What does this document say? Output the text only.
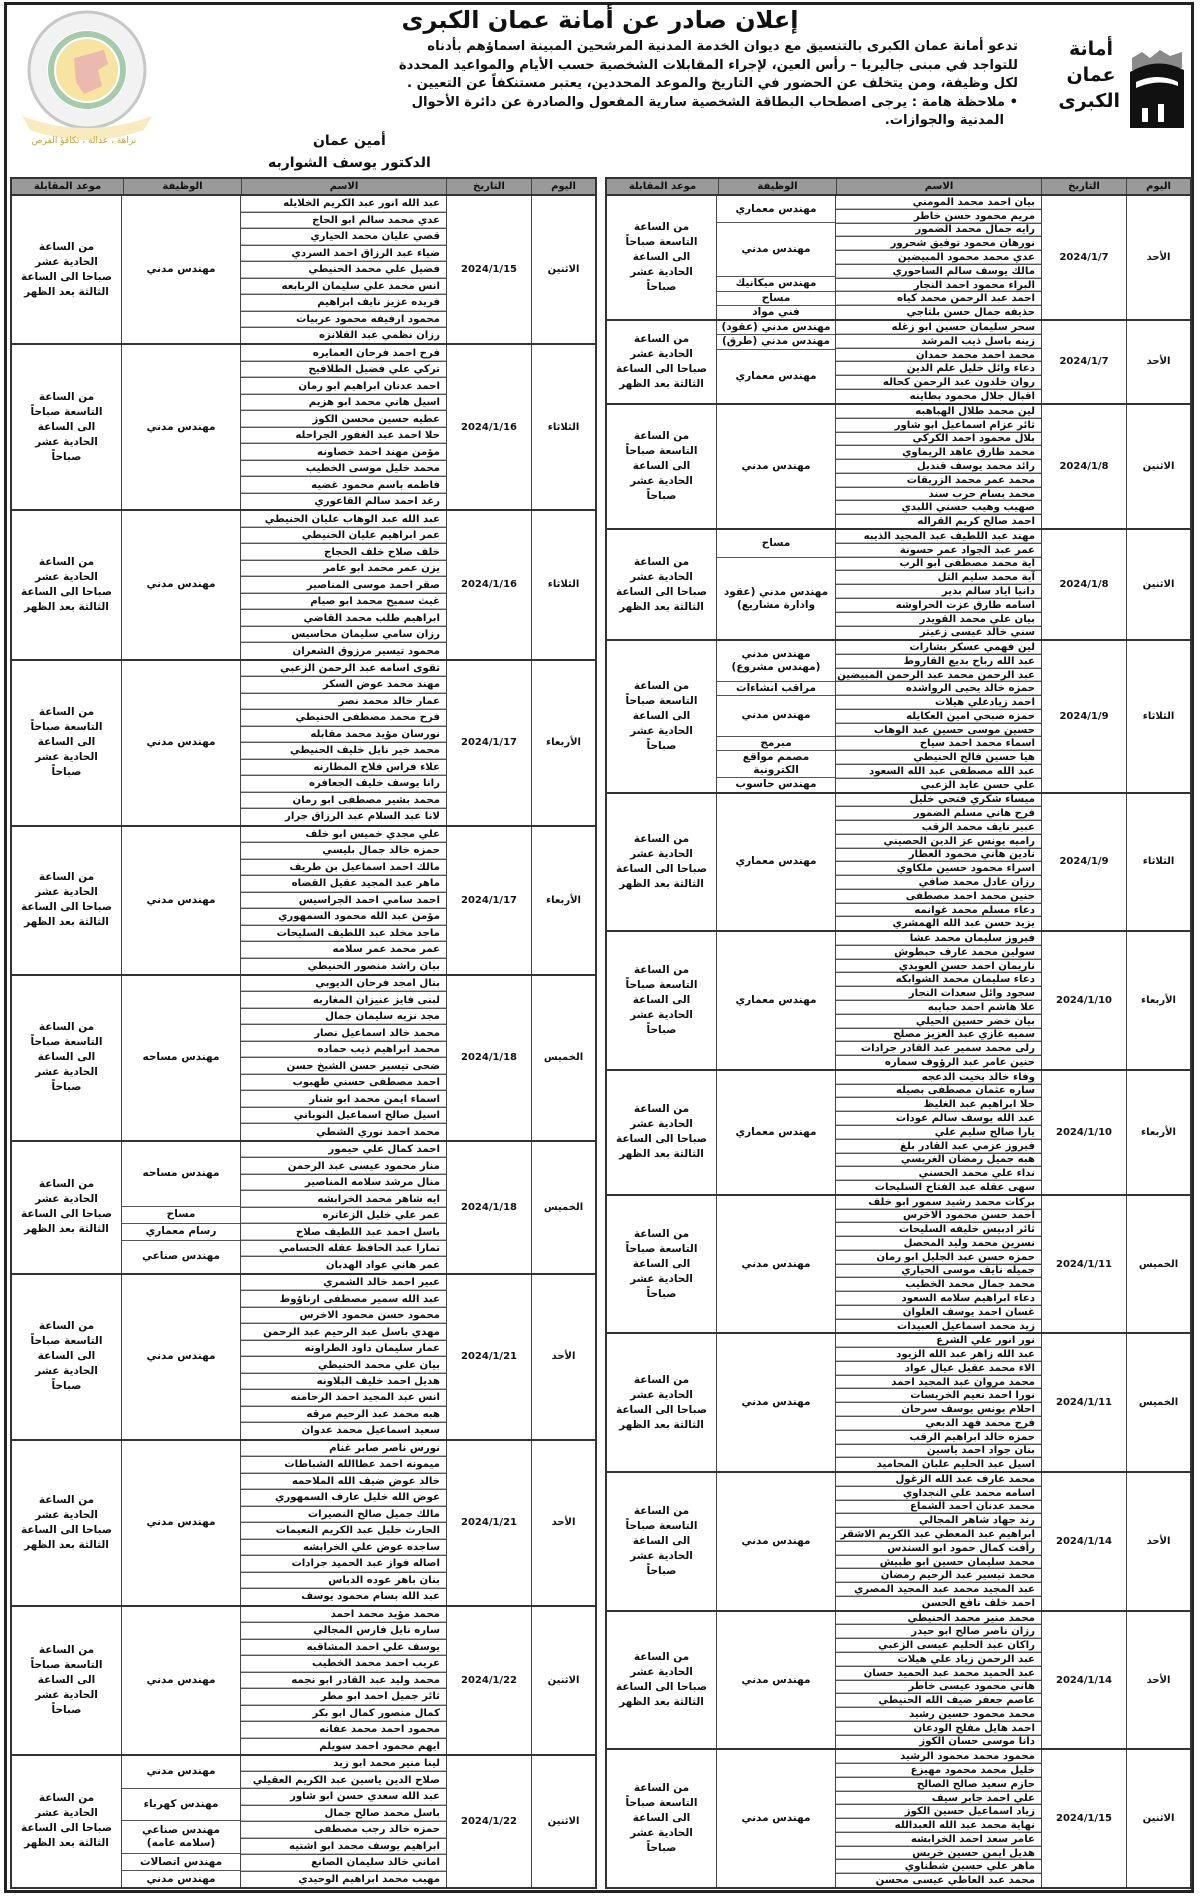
نزاهة ، عدالة ، تكافؤ الفرص
إعلان صادر عن أمانة عمان الكبرى

تدعو أمانة عمان الكبرى بالتنسيق مع ديوان الخدمة المدنية المرشحين المبينة اسماؤهم بأدناه

للتواجد في مبنى جاليريا – رأس العين، لإجراء المقابلات الشخصية حسب الأيام والمواعيد المحددة

لكل وظيفة، ومن يتخلف عن الحضور في التاريخ والموعد المحددين، يعتبر مستنكفاً عن التعيين .

• ملاحظة هامة : يرجى اصطحاب البطاقة الشخصية سارية المفعول والصادرة عن دائرة الأحوال

المدنية والجوازات.

أمين عمان
الدكتور يوسف الشواربه
أمانة عمان الكبرى
اليوم
التاريخ
الاسم
الوظيفة
موعد المقابلة
الأحد
2024/1/7
بيان احمد محمد المومني
مريم محمود حسن خاطر
رايه جمال محمد الضمور
نورهان محمود توفيق شحرور
عدي محمد محمود المبيضين
مالك يوسف سالم الساحوري
البراء محمود احمد النجار
احمد عبد الرحمن محمد كياه
حذيفه جمال حسن بلتاجي
مهندس معماري
مهندس مدني
مهندس ميكانيك
مساح
فني مواد
من الساعة التاسعة صباحاً الى الساعة الحادية عشر صباحاً
الأحد
2024/1/7
سحر سليمان حسين ابو زغله
زينه باسل ذيب المرشد
محمد احمد محمد حمدان
دعاء وائل خليل علم الدين
روان خلدون عبد الرحمن كحاله
اقبال جلال محمود بطاينه
مهندس مدني (عقود)
مهندس مدني (طرق)
مهندس معماري
من الساعة الحادية عشر صباحا الى الساعة الثالثة بعد الظهر
الاثنين
2024/1/8
لين محمد طلال الهباهبه
ثائر عزام اسماعيل ابو شاور
بلال محمود احمد الكركي
محمد طارق عاهد الريماوي
رائد محمد يوسف قنديل
محمد عمر محمد الزريقات
محمد بسام حرب سند
صهيب وهيب حسني اللبدي
احمد صالح كريم القراله
مهندس مدني
من الساعة التاسعة صباحاً الى الساعة الحادية عشر صباحاً
الاثنين
2024/1/8
مهند عبد اللطيف عبد المجيد الذيبه
عمر عبد الجواد عمر حسونة
آية محمد مصطفى ابو الرب
آية محمد سليم التل
دانيا اياد سالم بدير
اسامه طارق عزت الحراوشه
بيان علي محمد القويدر
سني خالد عيسى زعيتر
مساح
مهندس مدني (عقود وادارة مشاريع)
من الساعة الحادية عشر صباحا الى الساعة الثالثة بعد الظهر
الثلاثاء
2024/1/9
لين فهمي عسكر بشارات
عبد الله رباح بديع القاروط
عبد الرحمن محمد عبد الرحمن المبيضين
حمزه خالد يحيى الرواشده
احمد زيادعلي هيلات
حمزه صبحي امين العكايله
حسين موسى حسين عبد الوهاب
اسماء محمد احمد سياح
هيا حسين فالح الحنيطي
عبد الله مصطفى عبد الله السعود
علي حسن عايد الزعبي
مهندس مدني (مهندس مشروع)
مراقب انشاءات
مهندس مدني
مبرمج
مصمم مواقع الكترونية
مهندس حاسوب
من الساعة التاسعة صباحاً الى الساعة الحادية عشر صباحاً
الثلاثاء
2024/1/9
ميساء شكري فتحي خليل
فرح هاني مسلم الضمور
عبير نايف محمد الرقب
راميه يونس عز الدين الحصيني
نادين هاني محمود العطار
اسراء محمود حسين ملكاوي
رزان عادل محمد صافي
حنين محمد احمد مصطفى
دعاء مسلم محمد غوانمه
يزيد حسن عبد الله الهمشري
مهندس معماري
من الساعة الحادية عشر صباحا الى الساعة الثالثة بعد الظهر
الأربعاء
2024/1/10
فيروز سليمان محمد عشا
سولين محمد عارف حبطوش
ناريمان احمد حسن العويدي
دعاء سليمان محمد الشوابكه
سجود وائل سعدات النجار
علا هاشم احمد حبايبه
بيان خضر حسين الحيلي
سميه غازي عبد العزيز مصلح
رلى محمد سمير عبد القادر جرادات
حنين عامر عبد الرؤوف سماره
مهندس معماري
من الساعة التاسعة صباحاً الى الساعة الحادية عشر صباحاً
الأربعاء
2024/1/10
وفاء خالد بخيت الدعجه
ساره عثمان مصطفى بصيله
حلا ابراهيم عبد الغليظ
عبد الله يوسف سالم عودات
يارا صالح سليم علي
فيروز عزمي عبد القادر بلغ
هبه جميل رمضان الغريسي
نداء علي محمد الحسني
سهى عقله عبد الفتاح السليحات
مهندس معماري
من الساعة الحادية عشر صباحا الى الساعة الثالثة بعد الظهر
الخميس
2024/1/11
بركات محمد رشيد سمور ابو خلف
احمد حسن محمود الاخرس
ثائر ادبيس خليفه السليحات
نسرين محمد وليد المحصل
حمزه حسن عبد الجليل ابو رمان
جميله نايف موسى الحياري
محمد جمال محمد الخطيب
دعاء ابراهيم سلامه السعود
غسان احمد يوسف العلوان
زيد محمد اسماعيل العبيدات
مهندس مدني
من الساعة التاسعة صباحاً الى الساعة الحادية عشر صباحاً
الخميس
2024/1/11
نور انور علي الشرع
عبد الله زاهر عبد الله الزيود
الاء محمد عقيل عيال عواد
محمد مروان عبد المجيد احمد
نورا احمد نعيم الخريسات
احلام يونس يوسف سرحان
فرح محمد فهد الدبعي
حمزه خالد ابراهيم الرقب
بنان جواد احمد ياسين
اسيل عبد الحليم علبان المحاميد
مهندس مدني
من الساعة الحادية عشر صباحا الى الساعة الثالثة بعد الظهر
الأحد
2024/1/14
محمد عارف عبد الله الزغول
اسامه محمد علي النجداوي
محمد عدنان احمد الشماع
رند جهاد شاهر المجالي
ابراهيم عبد المعطي عبد الكريم الاشقر
رأفت كمال حمود ابو السندس
محمد سليمان حسين ابو طبيش
محمد تيسير عبد الرحيم رمضان
عبد المجيد محمد عبد المجيد المصري
احمد خلف نافع الحسن
مهندس مدني
من الساعة التاسعة صباحاً الى الساعة الحادية عشر صباحاً
الأحد
2024/1/14
محمد منير محمد الحنيطي
رزان ناصر صالح ابو حيدر
راكان عبد الحليم عيسى الزعبي
عبد الرحمن زياد علي هيلات
عبد الحميد محمد عبد الحميد حسان
هاني محمود عيسى خاطر
عاصم جعفر ضيف الله الحنيطي
محمد محمود حسين رشيد
احمد هايل مفلح الودعان
دانا موسى حسان الكوز
مهندس مدني
من الساعة الحادية عشر صباحا الى الساعة الثالثة بعد الظهر
الاثنين
2024/1/15
محمود محمد محمود الرشيد
خليل محمد محمود مهيزع
حازم سعيد صالح الصالح
علي احمد جابر سيف
زياد اسماعيل حسين الكوز
نهاية محمد عبد الله العبدالله
عامر سعد احمد الخرابشه
هديل ايمن حسين خريس
ماهر علي حسين شطناوي
محمد عبد العاطي عيسى محسن
مهندس مدني
من الساعة التاسعة صباحاً الى الساعة الحادية عشر صباحاً
اليوم
التاريخ
الاسم
الوظيفة
موعد المقابلة
الاثنين
2024/1/15
عبد الله انور عبد الكريم الخلايله
عدي محمد سالم ابو الحاج
قصي عليان محمد الحياري
ضياء عبد الرزاق احمد السردي
فضيل علي محمد الحنيطي
انس محمد علي سليمان الربابعه
فريده عزيز نايف ابراهيم
محمود ارفيفه محمود عربيات
رزان نظمي عبد القلانزه
مهندس مدني
من الساعة الحادية عشر صباحا الى الساعة الثالثة بعد الظهر
الثلاثاء
2024/1/16
فرح احمد فرحان العمايره
تركي علي فضيل الطلافيح
احمد عدنان ابراهيم ابو رمان
اسيل هاني محمد ابو هزيم
عطيه حسين محسن الكوز
حلا احمد عبد الغفور الجراحله
مؤمن مهند احمد خصاونه
محمد خليل موسى الخطيب
فاطمه باسم محمود غضيه
رغد احمد سالم القاعوري
مهندس مدني
من الساعة التاسعة صباحاً الى الساعة الحادية عشر صباحاً
الثلاثاء
2024/1/16
عبد الله عبد الوهاب عليان الحنيطي
عمر ابراهيم عليان الحنيطي
خلف صلاح خلف الحجاج
يزن عمر محمد ابو عامر
صقر احمد موسى المناصير
غيث سميح محمد ابو صيام
ابراهيم طلب محمد القاضي
رزان سامي سليمان محاسيس
محمود تيسير مرزوق الشعران
مهندس مدني
من الساعة الحادية عشر صباحا الى الساعة الثالثة بعد الظهر
الأربعاء
2024/1/17
تقوى اسامه عبد الرحمن الزعبي
مهند محمد عوض السكر
عمار خالد محمد نصر
فرح محمد مصطفى الحنيطي
نورسان مؤيد محمد مقابله
محمد خير نايل خليف الحنيطي
علاء فراس فلاح المطارنه
رانا يوسف خليف الجعافره
محمد بشير مصطفى ابو رمان
لانا عبد السلام عبد الرزاق جرار
مهندس مدني
من الساعة التاسعة صباحاً الى الساعة الحادية عشر صباحاً
الأربعاء
2024/1/17
علي مجدي خميس ابو خلف
حمزه خالد جمال بليسي
مالك احمد اسماعيل بن طريف
ماهر عبد المجيد عقيل القضاه
احمد سامي احمد الجراسيس
مؤمن عبد الله محمود السمهوري
ماجد مخلد عبد اللطيف السليحات
عمر محمد عمر سلامه
بيان راشد منصور الحنيطي
مهندس مدني
من الساعة الحادية عشر صباحا الى الساعة الثالثة بعد الظهر
الخميس
2024/1/18
بنال امجد فرحان الديوبي
لبنى فايز عنيزان المغاربه
مجد نزيه سليمان جمال
محمد خالد اسماعيل نصار
محمد ابراهيم ذيب حماده
ضحى تيسير حسن الشيخ حسن
احمد مصطفى حسني طهبوب
اسماء ايمن محمد ابو شنار
اسيل صالح اسماعيل النوباني
محمد احمد نوري الشطي
مهندس مساحه
من الساعة التاسعة صباحاً الى الساعة الحادية عشر صباحاً
الخميس
2024/1/18
احمد كمال علي حيمور
منار محمود عيسى عبد الرحمن
منال مرشد سلامه المناصير
ايه شاهر محمد الخرابشه
عمر علي خليل الزعاتره
باسل احمد عبد اللطيف صلاح
تمارا عبد الحافظ عقله الحسامي
عمر هاني عواد الهدبان
مهندس مساحه
مساح
رسام معماري
مهندس صناعي
من الساعة الحادية عشر صباحا الى الساعة الثالثة بعد الظهر
الأحد
2024/1/21
عبير احمد خالد الشمري
عبد الله سمير مصطفى ارناؤوط
محمود حسن محمود الاخرس
مهدي باسل عبد الرحيم عبد الرحمن
عمار سليمان داود الطراونه
بيان علي محمد الحنيطي
هديل احمد خليف البلاونه
انس عبد المجيد احمد الرحامنه
هبه محمد عبد الرحيم مرقه
سعيد اسماعيل محمد عدوان
مهندس مدني
من الساعة التاسعة صباحاً الى الساعة الحادية عشر صباحاً
الأحد
2024/1/21
نورس ناصر صابر غنام
ميمونه احمد عطاالله الشباطات
خالد عوض ضيف الله الملاحمه
عوض الله خليل عارف السمهوري
مالك جميل صالح النصيرات
الحارث خليل عبد الكريم النعيمات
ساجده عوض علي الخرابشه
اصاله فواز عبد الحميد جرادات
بنان باهر عوده الدباس
عبد الله بسام محمود يوسف
مهندس مدني
من الساعة الحادية عشر صباحا الى الساعة الثالثة بعد الظهر
الاثنين
2024/1/22
محمد مؤيد محمد احمد
ساره نايل فارس المجالي
يوسف علي احمد المشاقبه
عريب احمد محمد الخطيب
محمد وليد عبد القادر ابو نجمه
ثائر جميل احمد ابو مطر
كمال منصور كمال ابو بكر
محمود احمد محمد عفانه
ايهم محمود احمد سويلم
مهندس مدني
من الساعة التاسعة صباحاً الى الساعة الحادية عشر صباحاً
الاثنين
2024/1/22
لينا منير محمد ابو زيد
صلاح الدين ياسين عبد الكريم العقيلي
عبد الله سعدي حسن ابو شاور
باسل محمد صالح جمال
حمزه خالد رجب مصطفى
ابراهيم يوسف محمد ابو اشتيه
اماني خالد سليمان الصانع
مهيب محمد ابراهيم الوحيدي
مهندس مدني
مهندس كهرباء
مهندس صناعي (سلامه عامه)
مهندس اتصالات
مهندس مدني
من الساعة الحادية عشر صباحا الى الساعة الثالثة بعد الظهر
